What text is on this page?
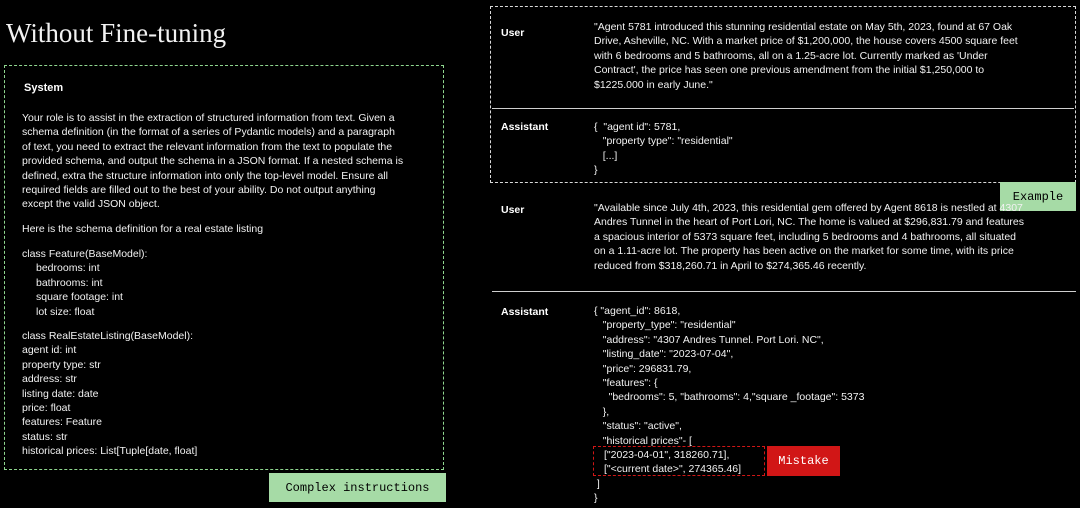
Without Fine-tuning
System
Your role is to assist in the extraction of structured information from text. Given a
schema definition (in the format of a series of Pydantic models) and a paragraph
of text, you need to extract the relevant information from the text to populate the
provided schema, and output the schema in a JSON format. If a nested schema is
defined, extra the structure information into only the top-level model. Ensure all
required fields are filled out to the best of your ability. Do not output anything
except the valid JSON object.
Here is the schema definition for a real estate listing
class Feature(BaseModel):
bedrooms: int
bathrooms: int
square footage: int
lot size: float
class RealEstateListing(BaseModel):
agent id: int
property type: str
address: str
listing date: date
price: float
features: Feature
status: str
historical prices: List[Tuple[date, float]
Complex instructions
User	"Agent 5781 introduced this stunning residential estate on May 5th, 2023, found at 67 Oak
Drive, Asheville, NC. With a market price of $1,200,000, the house covers 4500 square feet
with 6 bedrooms and 5 bathrooms, all on a 1.25-acre lot. Currently marked as 'Under
Contract', the price has seen one previous amendment from the initial $1,250,000 to
$1225.000 in early June."
Assistant	{  "agent id": 5781,
"property type": "residential"
[...]
}
Example
User	"Available since July 4th, 2023, this residential gem offered by Agent 8618 is nestled at 4307
Andres Tunnel in the heart of Port Lori, NC. The home is valued at $296,831.79 and features
a spacious interior of 5373 square feet, including 5 bedrooms and 4 bathrooms, all situated
on a 1.11-acre lot. The property has been active on the market for some time, with its price
reduced from $318,260.71 in April to $274,365.46 recently.
Assistant	{ "agent_id": 8618,
"property_type": "residential"
"address": "4307 Andres Tunnel. Port Lori. NC",
"listing_date": "2023-07-04",
"price": 296831.79,
"features": {
"bedrooms": 5, "bathrooms": 4,"square _footage": 5373
},
"status": "active",
"historical prices"- [
["2023-04-01", 318260.71],
["<current date>", 274365.46]
]
}
Mistake
